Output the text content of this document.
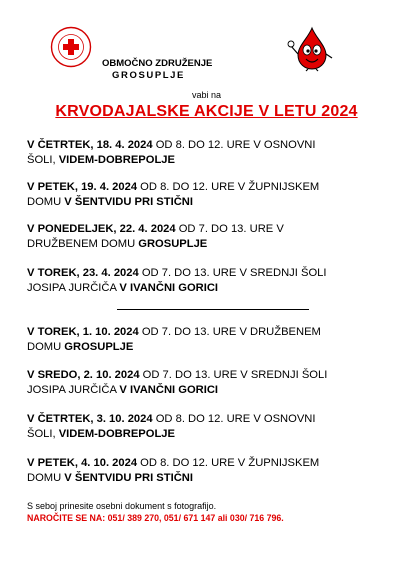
OBMOČNO ZDRUŽENJE
GROSUPLJE
vabi na
KRVODAJALSKE AKCIJE V LETU 2024
V ČETRTEK, 18. 4. 2024 OD 8. DO 12. URE V OSNOVNI
ŠOLI, VIDEM-DOBREPOLJE
V PETEK, 19. 4. 2024 OD 8. DO 12. URE V ŽUPNIJSKEM
DOMU V ŠENTVIDU PRI STIČNI
V PONEDELJEK, 22. 4. 2024 OD 7. DO 13. URE V
DRUŽBENEM DOMU GROSUPLJE
V TOREK, 23. 4. 2024 OD 7. DO 13. URE V SREDNJI ŠOLI
JOSIPA JURČIČA V IVANČNI GORICI
V TOREK, 1. 10. 2024 OD 7. DO 13. URE V DRUŽBENEM
DOMU GROSUPLJE
V SREDO, 2. 10. 2024 OD 7. DO 13. URE V SREDNJI ŠOLI
JOSIPA JURČIČA V IVANČNI GORICI
V ČETRTEK, 3. 10. 2024 OD 8. DO 12. URE V OSNOVNI
ŠOLI, VIDEM-DOBREPOLJE
V PETEK, 4. 10. 2024 OD 8. DO 12. URE V ŽUPNIJSKEM
DOMU V ŠENTVIDU PRI STIČNI
S seboj prinesite osebni dokument s fotografijo.
NAROČITE SE NA: 051/ 389 270, 051/ 671 147 ali 030/ 716 796.
